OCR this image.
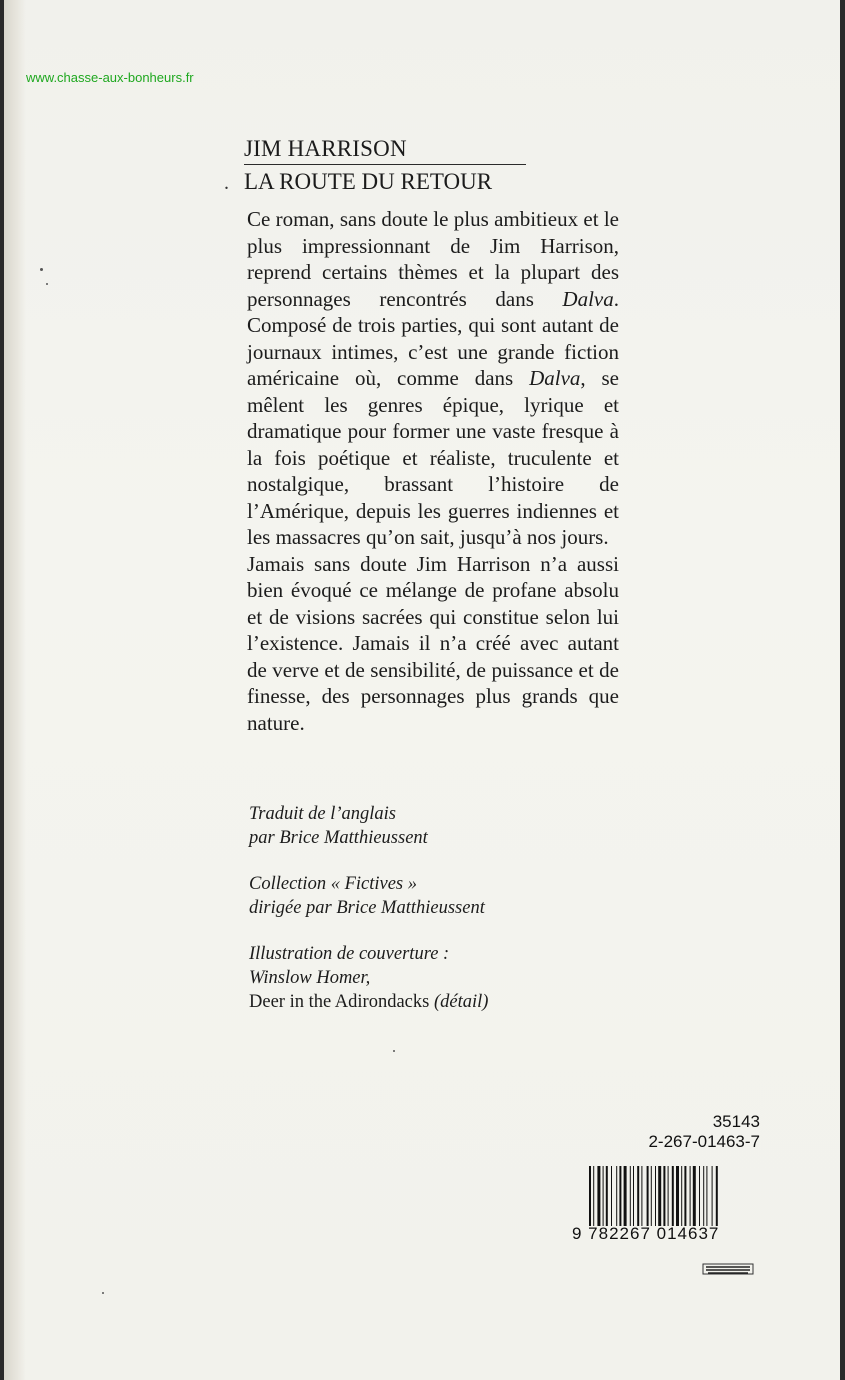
www.chasse-aux-bonheurs.fr
.
JIM HARRISON
LA ROUTE DU RETOUR

Ce roman, sans doute le plus ambitieux et le plus impressionnant de Jim Harrison, reprend certains thèmes et la plupart des personnages rencontrés dans Dalva. Composé de trois parties, qui sont autant de journaux intimes, c’est une grande fiction américaine où, comme dans Dalva, se mêlent les genres épique, lyrique et dramatique pour former une vaste fresque à la fois poétique et réaliste, truculente et nostalgique, brassant l’histoire de l’Amérique, depuis les guerres indiennes et les massacres qu’on sait, jusqu’à nos jours.

Jamais sans doute Jim Harrison n’a aussi bien évoqué ce mélange de profane absolu et de visions sacrées qui constitue selon lui l’existence. Jamais il n’a créé avec autant de verve et de sensibilité, de puissance et de finesse, des personnages plus grands que nature.

Traduit de l’anglais
par Brice Matthieussent
Collection « Fictives »
dirigée par Brice Matthieussent
Illustration de couverture :
Winslow Homer,
Deer in the Adirondacks (détail)
35143
2-267-01463-7
9 782267 014637
